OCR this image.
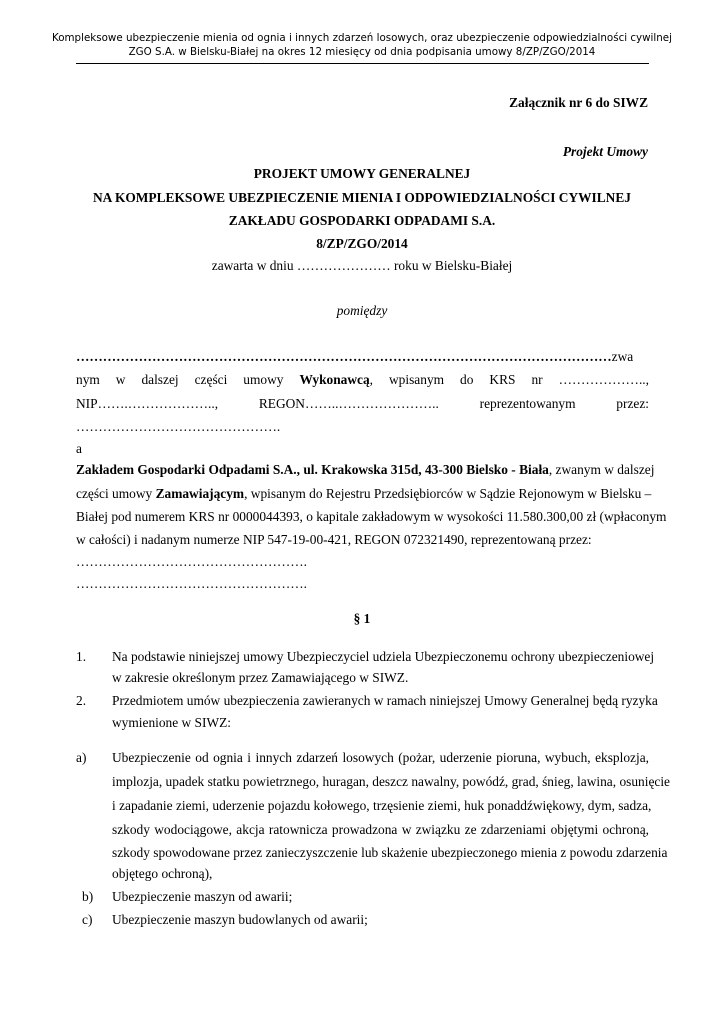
Kompleksowe ubezpieczenie mienia od ognia i innych zdarzeń losowych, oraz ubezpieczenie odpowiedzialności cywilnej
ZGO S.A. w Bielsku-Białej na okres 12 miesięcy od dnia podpisania umowy 8/ZP/ZGO/2014
Załącznik nr 6 do SIWZ
Projekt Umowy
PROJEKT UMOWY GENERALNEJ
NA KOMPLEKSOWE UBEZPIECZENIE MIENIA I ODPOWIEDZIALNOŚCI CYWILNEJ
ZAKŁADU GOSPODARKI ODPADAMI S.A.
8/ZP/ZGO/2014
zawarta w dniu ………………… roku w Bielsku-Białej
pomiędzy
…………………………………………………………………………………………………………zwa
nym w dalszej części umowy Wykonawcą, wpisanym do KRS nr ………………..,
NIP…….……………….., REGON……..………………….. reprezentowanym przez:
……………………………………….
a
Zakładem Gospodarki Odpadami S.A., ul. Krakowska 315d, 43-300 Bielsko - Biała, zwanym w dalszej
części umowy Zamawiającym, wpisanym do Rejestru Przedsiębiorców w Sądzie Rejonowym w Bielsku –
Białej pod numerem KRS nr 0000044393, o kapitale zakładowym w wysokości 11.580.300,00 zł (wpłaconym
w całości) i nadanym numerze NIP 547-19-00-421, REGON 072321490, reprezentowaną przez:
…………………………………………….
…………………………………………….
§ 1
1. Na podstawie niniejszej umowy Ubezpieczyciel udziela Ubezpieczonemu ochrony ubezpieczeniowej
w zakresie określonym przez Zamawiającego w SIWZ.
2. Przedmiotem umów ubezpieczenia zawieranych w ramach niniejszej Umowy Generalnej będą ryzyka
wymienione w SIWZ:
a) Ubezpieczenie od ognia i innych zdarzeń losowych (pożar, uderzenie pioruna, wybuch, eksplozja,
implozja, upadek statku powietrznego, huragan, deszcz nawalny, powódź, grad, śnieg, lawina, osunięcie
i zapadanie ziemi, uderzenie pojazdu kołowego, trzęsienie ziemi, huk ponaddźwiękowy, dym, sadza,
szkody wodociągowe, akcja ratownicza prowadzona w związku ze zdarzeniami objętymi ochroną,
szkody spowodowane przez zanieczyszczenie lub skażenie ubezpieczonego mienia z powodu zdarzenia
objętego ochroną),
b) Ubezpieczenie maszyn od awarii;
c) Ubezpieczenie maszyn budowlanych od awarii;
